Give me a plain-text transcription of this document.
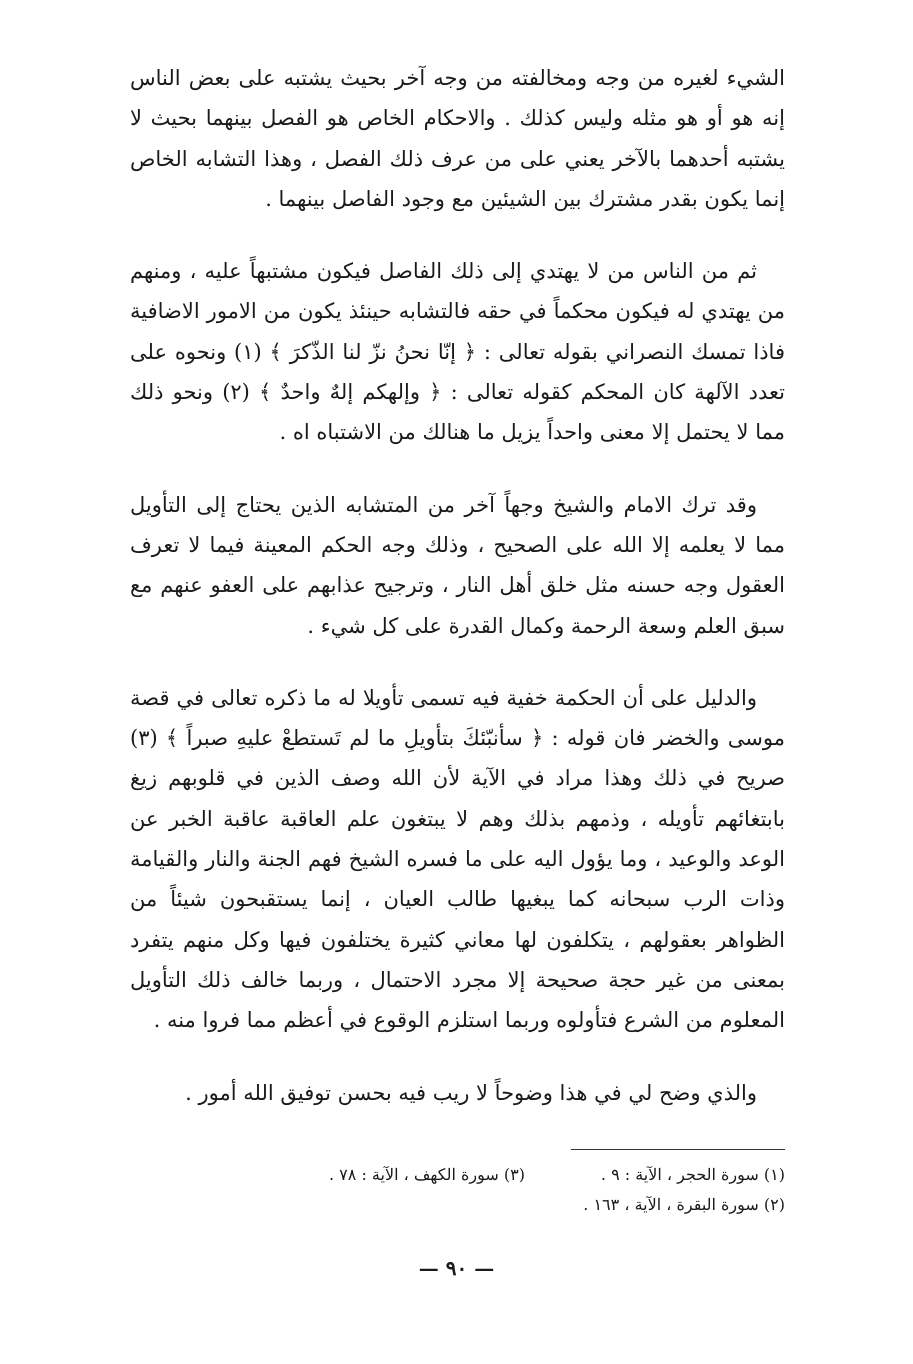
الشيء لغيره من وجه ومخالفته من وجه آخر بحيث يشتبه على بعض الناس إنه هو أو هو مثله وليس كذلك . والاحكام الخاص هو الفصل بينهما بحيث لا يشتبه أحدهما بالآخر يعني على من عرف ذلك الفصل ، وهذا التشابه الخاص إنما يكون بقدر مشترك بين الشيئين مع وجود الفاصل بينهما .

ثم من الناس من لا يهتدي إلى ذلك الفاصل فيكون مشتبهاً عليه ، ومنهم من يهتدي له فيكون محكماً في حقه فالتشابه حينئذ يكون من الامور الاضافية فاذا تمسك النصراني بقوله تعالى : ﴿ إنّا نحنُ نزّ لنا الذّكرَ ﴾ (١) ونحوه على تعدد الآلهة كان المحكم كقوله تعالى : ﴿ وإلهكم إلهٌ واحدٌ ﴾ (٢) ونحو ذلك مما لا يحتمل إلا معنى واحداً يزيل ما هنالك من الاشتباه اه .

وقد ترك الامام والشيخ وجهاً آخر من المتشابه الذين يحتاج إلى التأويل مما لا يعلمه إلا الله على الصحيح ، وذلك وجه الحكم المعينة فيما لا تعرف العقول وجه حسنه مثل خلق أهل النار ، وترجيح عذابهم على العفو عنهم مع سبق العلم وسعة الرحمة وكمال القدرة على كل شيء .

والدليل على أن الحكمة خفية فيه تسمى تأويلا له ما ذكره تعالى في قصة موسى والخضر فان قوله : ﴿ سأنبّئكَ بتأويلِ ما لم تَستطعْ عليهِ صبراً ﴾ (٣) صريح في ذلك وهذا مراد في الآية لأن الله وصف الذين في قلوبهم زيغ بابتغائهم تأويله ، وذمهم بذلك وهم لا يبتغون علم العاقبة عاقبة الخبر عن الوعد والوعيد ، وما يؤول اليه على ما فسره الشيخ فهم الجنة والنار والقيامة وذات الرب سبحانه كما يبغيها طالب العيان ، إنما يستقبحون شيئاً من الظواهر بعقولهم ، يتكلفون لها معاني كثيرة يختلفون فيها وكل منهم يتفرد بمعنى من غير حجة صحيحة إلا مجرد الاحتمال ، وربما خالف ذلك التأويل المعلوم من الشرع فتأولوه وربما استلزم الوقوع في أعظم مما فروا منه .

والذي وضح لي في هذا وضوحاً لا ريب فيه بحسن توفيق الله أمور .

(١) سورة الحجر ، الآية : ٩ .
(٣) سورة الكهف ، الآية : ٧٨ .
(٢) سورة البقرة ، الآية ، ١٦٣ .
— ٩٠ —
